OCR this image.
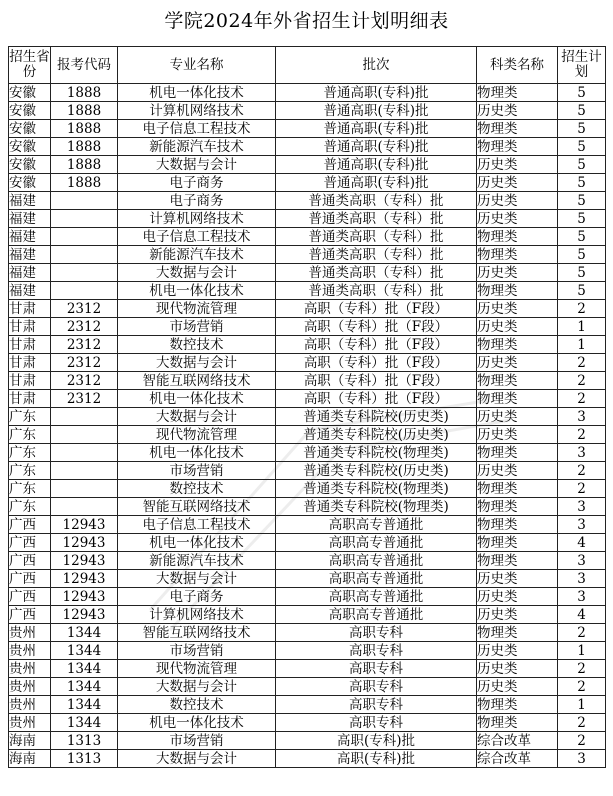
学院2024年外省招生计划明细表
招生省份	报考代码	专业名称	批次	科类名称	招生计划
安徽	1888	机电一体化技术	普通高职(专科)批	物理类	5
安徽	1888	计算机网络技术	普通高职(专科)批	历史类	5
安徽	1888	电子信息工程技术	普通高职(专科)批	物理类	5
安徽	1888	新能源汽车技术	普通高职(专科)批	物理类	5
安徽	1888	大数据与会计	普通高职(专科)批	历史类	5
安徽	1888	电子商务	普通高职(专科)批	历史类	5
福建		电子商务	普通类高职（专科）批	历史类	5
福建		计算机网络技术	普通类高职（专科）批	历史类	5
福建		电子信息工程技术	普通类高职（专科）批	物理类	5
福建		新能源汽车技术	普通类高职（专科）批	物理类	5
福建		大数据与会计	普通类高职（专科）批	历史类	5
福建		机电一体化技术	普通类高职（专科）批	物理类	5
甘肃	2312	现代物流管理	高职（专科）批（F段）	历史类	2
甘肃	2312	市场营销	高职（专科）批（F段）	历史类	1
甘肃	2312	数控技术	高职（专科）批（F段）	物理类	1
甘肃	2312	大数据与会计	高职（专科）批（F段）	历史类	2
甘肃	2312	智能互联网络技术	高职（专科）批（F段）	物理类	2
甘肃	2312	机电一体化技术	高职（专科）批（F段）	物理类	2
广东		大数据与会计	普通类专科院校(历史类)	历史类	3
广东		现代物流管理	普通类专科院校(历史类)	历史类	2
广东		机电一体化技术	普通类专科院校(物理类)	物理类	3
广东		市场营销	普通类专科院校(历史类)	历史类	2
广东		数控技术	普通类专科院校(物理类)	物理类	2
广东		智能互联网络技术	普通类专科院校(物理类)	物理类	3
广西	12943	电子信息工程技术	高职高专普通批	物理类	3
广西	12943	机电一体化技术	高职高专普通批	物理类	4
广西	12943	新能源汽车技术	高职高专普通批	物理类	3
广西	12943	大数据与会计	高职高专普通批	历史类	3
广西	12943	电子商务	高职高专普通批	历史类	3
广西	12943	计算机网络技术	高职高专普通批	历史类	4
贵州	1344	智能互联网络技术	高职专科	物理类	2
贵州	1344	市场营销	高职专科	历史类	1
贵州	1344	现代物流管理	高职专科	历史类	2
贵州	1344	大数据与会计	高职专科	历史类	2
贵州	1344	数控技术	高职专科	物理类	1
贵州	1344	机电一体化技术	高职专科	物理类	2
海南	1313	市场营销	高职(专科)批	综合改革	2
海南	1313	大数据与会计	高职(专科)批	综合改革	3
